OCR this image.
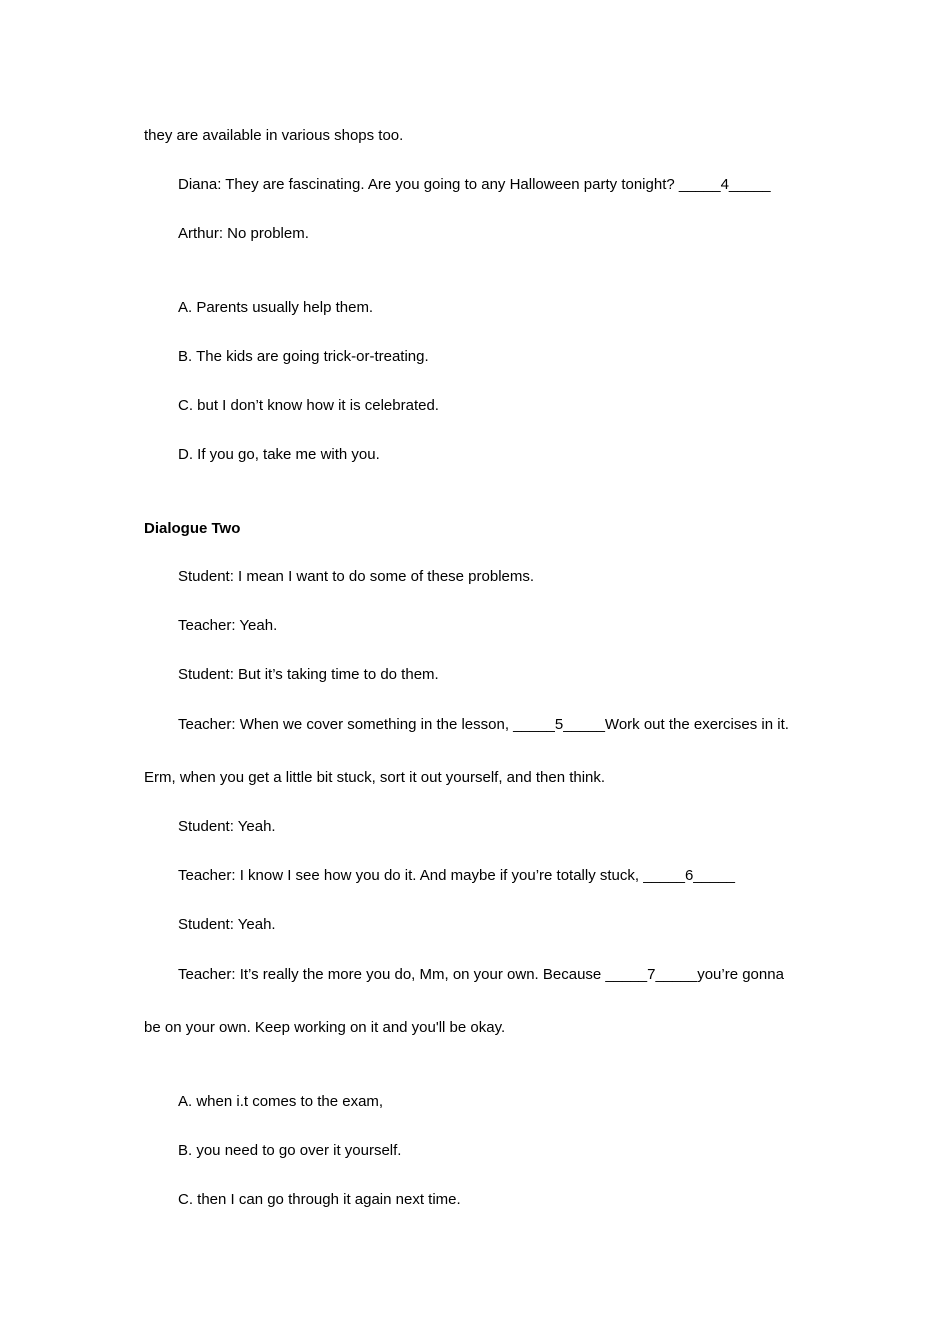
they are available in various shops too.
Diana: They are fascinating. Are you going to any Halloween party tonight? _____4_____
Arthur: No problem.
A. Parents usually help them.
B. The kids are going trick-or-treating.
C. but I don’t know how it is celebrated.
D. If you go, take me with you.
Dialogue Two
Student: I mean I want to do some of these problems.
Teacher: Yeah.
Student: But it’s taking time to do them.
Teacher: When we cover something in the lesson, _____5_____Work out the exercises in it.
Erm, when you get a little bit stuck, sort it out yourself, and then think.
Student: Yeah.
Teacher: I know I see how you do it. And maybe if you’re totally stuck, _____6_____
Student: Yeah.
Teacher: It’s really the more you do, Mm, on your own. Because _____7_____you’re gonna
be on your own. Keep working on it and you'll be okay.
A. when i.t comes to the exam,
B. you need to go over it yourself.
C. then I can go through it again next time.
